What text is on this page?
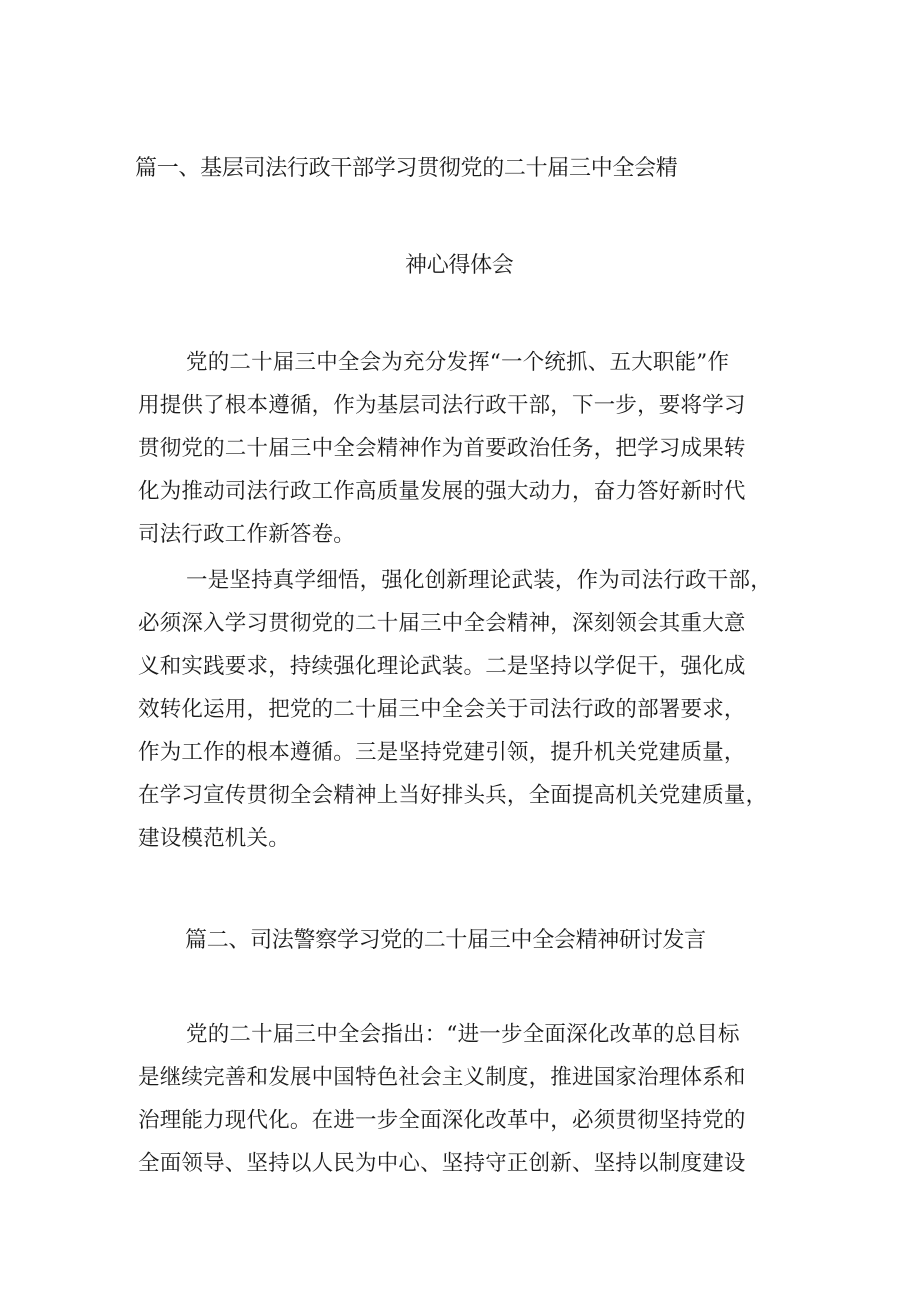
篇一、基层司法行政干部学习贯彻党的二十届三中全会精
神心得体会
党的二十届三中全会为充分发挥“一个统抓、五大职能”作
用提供了根本遵循，作为基层司法行政干部，下一步，要将学习
贯彻党的二十届三中全会精神作为首要政治任务，把学习成果转
化为推动司法行政工作高质量发展的强大动力，奋力答好新时代
司法行政工作新答卷。
一是坚持真学细悟，强化创新理论武装，作为司法行政干部，
必须深入学习贯彻党的二十届三中全会精神，深刻领会其重大意
义和实践要求，持续强化理论武装。二是坚持以学促干，强化成
效转化运用，把党的二十届三中全会关于司法行政的部署要求，
作为工作的根本遵循。三是坚持党建引领，提升机关党建质量，
在学习宣传贯彻全会精神上当好排头兵，全面提高机关党建质量，
建设模范机关。
篇二、司法警察学习党的二十届三中全会精神研讨发言
党的二十届三中全会指出：“进一步全面深化改革的总目标
是继续完善和发展中国特色社会主义制度，推进国家治理体系和
治理能力现代化。在进一步全面深化改革中，必须贯彻坚持党的
全面领导、坚持以人民为中心、坚持守正创新、坚持以制度建设
